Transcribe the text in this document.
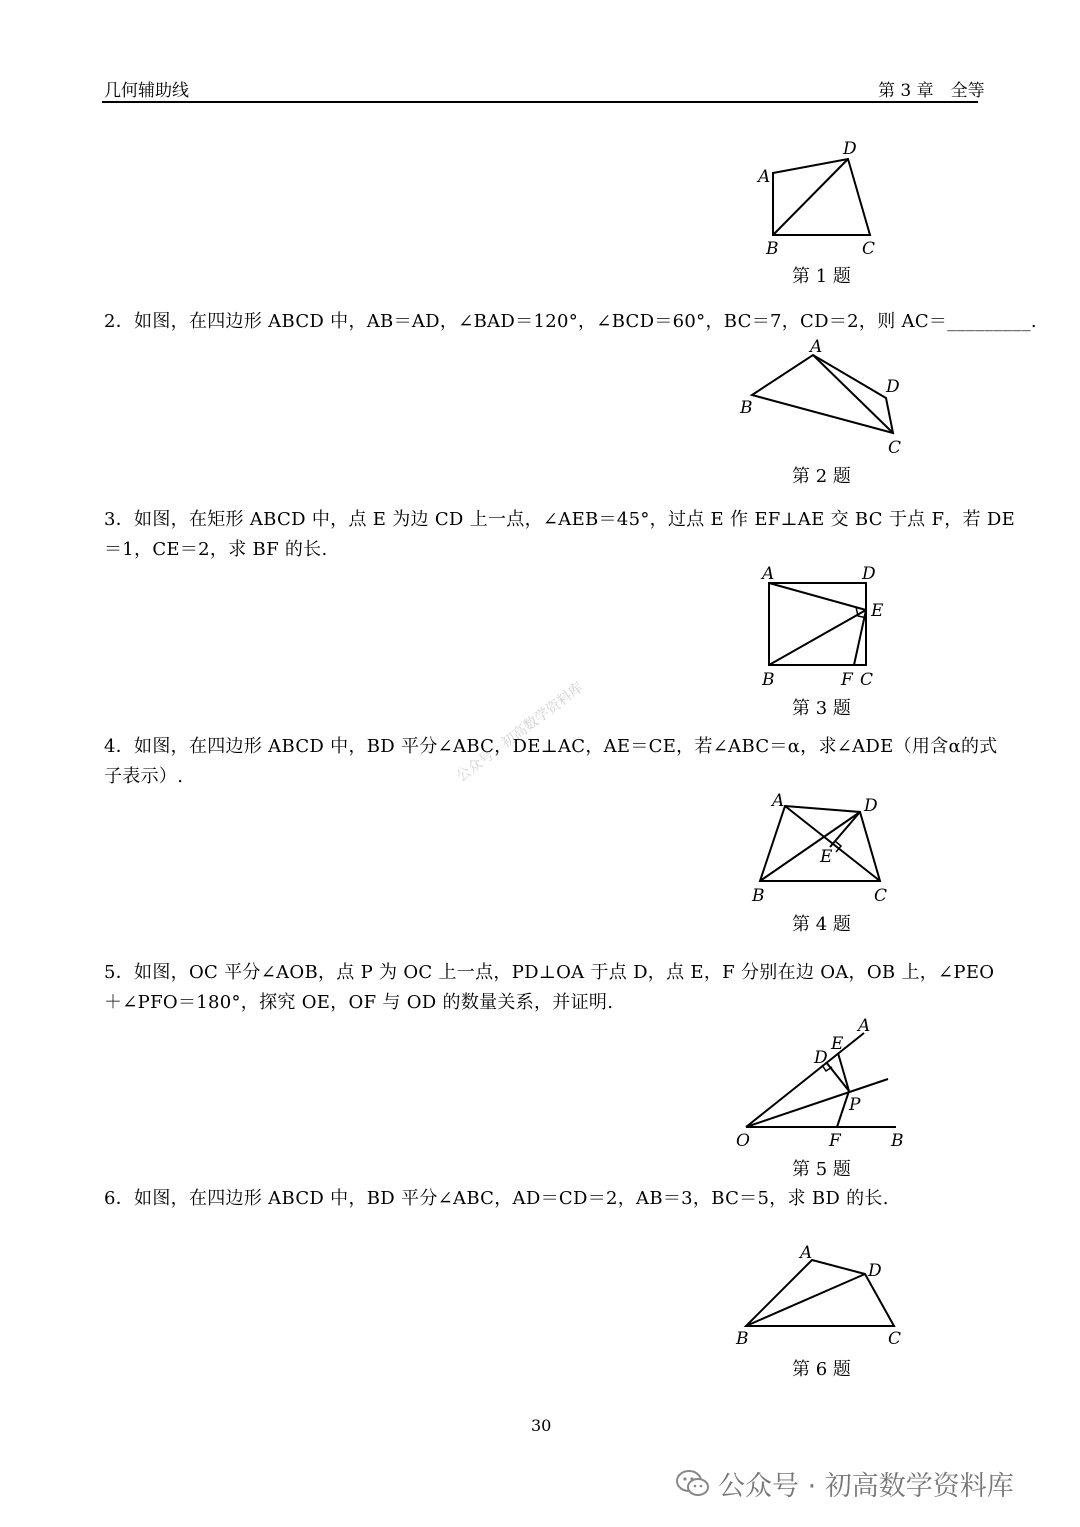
几何辅助线	第 3 章　全等
A
D
B	C
第 1 题
2．如图，在四边形 ABCD 中，AB＝AD，∠BAD＝120°，∠BCD＝60°，BC＝7，CD＝2，则 AC＝_________.
A
B
D
C
第 2 题
3．如图，在矩形 ABCD 中，点 E 为边 CD 上一点，∠AEB＝45°，过点 E 作 EF⊥AE 交 BC 于点 F，若 DE
＝1，CE＝2，求 BF 的长.
A	D
E
B	F C
第 3 题
4．如图，在四边形 ABCD 中，BD 平分∠ABC，DE⊥AC，AE＝CE，若∠ABC＝α，求∠ADE（用含α的式
子表示）.
A	D
E
B	C
第 4 题
5．如图，OC 平分∠AOB，点 P 为 OC 上一点，PD⊥OA 于点 D，点 E，F 分别在边 OA，OB 上，∠PEO
＋∠PFO＝180°，探究 OE，OF 与 OD 的数量关系，并证明.
A
E
D
P
O	F	B
第 5 题
6．如图，在四边形 ABCD 中，BD 平分∠ABC，AD＝CD＝2，AB＝3，BC＝5，求 BD 的长.
A
D
B	C
第 6 题
公众号：初高数学资料库
30
公众号 · 初高数学资料库
